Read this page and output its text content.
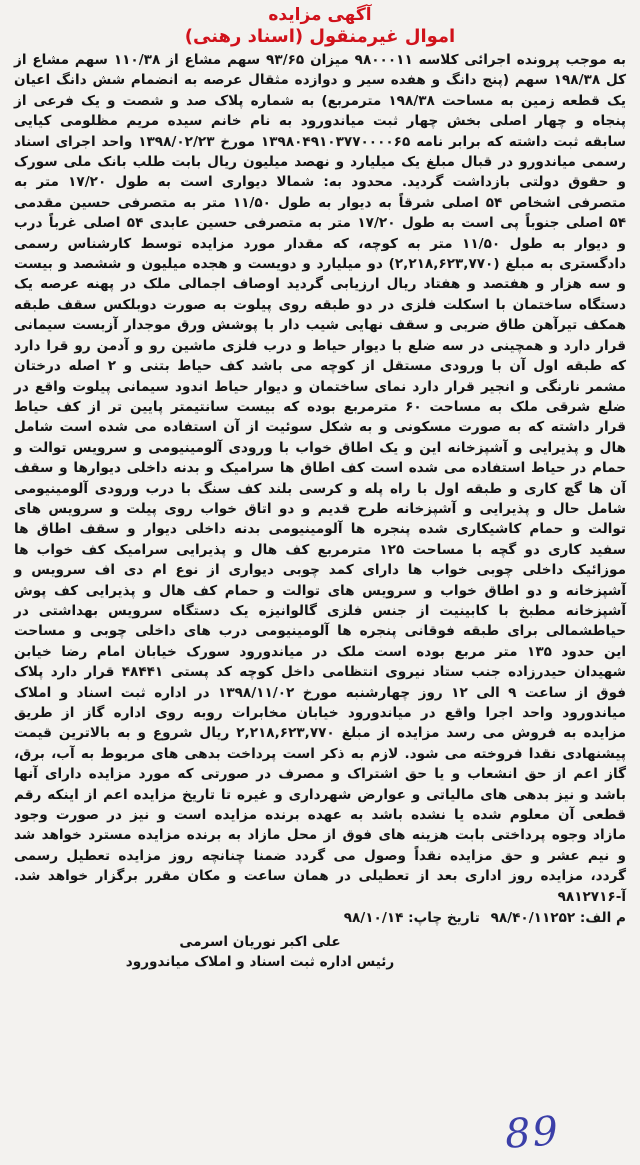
آگهی مزایده
اموال غیرمنقول (اسناد رهنی)

به موجب پرونده اجرائی کلاسه ۹۸۰۰۰۱۱ میزان ۹۳/۶۵ سهم مشاع از ۱۱۰/۳۸ سهم مشاع از کل ۱۹۸/۳۸ سهم (پنج دانگ و هفده سیر و دوازده مثقال عرصه به انضمام شش دانگ اعیان یک قطعه زمین به مساحت ۱۹۸/۳۸ مترمربع) به شماره پلاک صد و شصت و یک فرعی از پنجاه و چهار اصلی بخش چهار ثبت میاندورود به نام خانم سیده مریم مظلومی کیایی سابقه ثبت داشته که برابر نامه ۱۳۹۸۰۴۹۱۰۳۷۷۰۰۰۰۶۵ مورخ ۱۳۹۸/۰۲/۲۳ واحد اجرای اسناد رسمی میاندورو در قبال مبلغ یک میلیارد و نهصد میلیون ریال بابت طلب بانک ملی سورک و حقوق دولتی بازداشت گردید. محدود به: شمالا دیواری است به طول ۱۷/۲۰ متر به متصرفی اشخاص ۵۴ اصلی شرقاً به دیوار به طول ۱۱/۵۰ متر به متصرفی حسین مقدمی ۵۴ اصلی جنوباً پی است به طول ۱۷/۲۰ متر به متصرفی حسین عابدی ۵۴ اصلی غرباً درب و دیوار به طول ۱۱/۵۰ متر به کوچه، که مقدار مورد مزایده توسط کارشناس رسمی دادگستری به مبلغ (۲,۲۱۸,۶۲۳,۷۷۰) دو میلیارد و دویست و هجده میلیون و ششصد و بیست و سه هزار و هفتصد و هفتاد ریال ارزیابی گردید اوصاف اجمالی ملک در پهنه عرصه یک دستگاه ساختمان با اسکلت فلزی در دو طبقه روی پیلوت به صورت دوبلکس سقف طبقه همکف تیرآهن طاق ضربی و سقف نهایی شیب دار با پوشش ورق موجدار آزبست سیمانی قرار دارد و همچینی در سه ضلع با دیوار حیاط و درب فلزی ماشین رو و آدمن رو قرا دارد که طبقه اول آن با ورودی مستقل از کوچه می باشد کف حیاط بتنی و ۲ اصله درختان مشمر نارنگی و انجیر قرار دارد نمای ساختمان و دیوار حیاط اندود سیمانی پیلوت واقع در ضلع شرقی ملک به مساحت ۶۰ مترمربع بوده که بیست سانتیمتر پایین تر از کف حیاط قرار داشته که به صورت مسکونی و به شکل سوئیت از آن استفاده می شده است شامل هال و پذیرایی و آشپزخانه این و یک اطاق خواب با ورودی آلومینیومی و سرویس توالت و حمام در حیاط استفاده می شده است کف اطاق ها سرامیک و بدنه داخلی دیوارها و سقف آن ها گچ کاری و طبقه اول با راه پله و کرسی بلند کف سنگ با درب ورودی آلومینیومی شامل حال و پذیرایی و آشپزخانه طرح قدیم و دو اتاق خواب روی پیلت و سرویس های توالت و حمام کاشیکاری شده پنجره ها آلومینیومی بدنه داخلی دیوار و سقف اطاق ها سفید کاری دو گچه با مساحت ۱۲۵ مترمربع کف هال و پذیرایی سرامیک کف خواب ها موزائیک داخلی چوبی خواب ها دارای کمد چوبی دیواری از نوع ام دی اف سرویس و آشپزخانه و دو اطاق خواب و سرویس های توالت و حمام کف هال و پذیرایی کف پوش آشپزخانه مطبخ با کابینیت از جنس فلزی گالوانیزه یک دستگاه سرویس بهداشتی در حیاطشمالی برای طبقه فوقانی پنجره ها آلومینیومی درب های داخلی چوبی و مساحت این حدود ۱۳۵ متر مربع بوده است ملک در میاندورود سورک خیابان امام رضا خیابن شهیدان حیدرزاده جنب ستاد نیروی انتظامی داخل کوچه کد پستی ۴۸۴۴۱ قرار دارد پلاک فوق از ساعت ۹ الی ۱۲ روز چهارشنبه مورخ ۱۳۹۸/۱۱/۰۲ در اداره ثبت اسناد و املاک میاندورود واحد اجرا واقع در میاندورود خیابان مخابرات روبه روی اداره گاز از طریق مزایده به فروش می رسد مزایده از مبلغ ۲,۲۱۸,۶۲۳,۷۷۰ ریال شروع و به بالاترین قیمت پیشنهادی نقدا فروخته می شود. لازم به ذکر است پرداخت بدهی های مربوط به آب، برق، گاز اعم از حق انشعاب و یا حق اشتراک و مصرف در صورتی که مورد مزایده دارای آنها باشد و نیز بدهی های مالیاتی و عوارض شهرداری و غیره تا تاریخ مزایده اعم از اینکه رقم قطعی آن معلوم شده یا نشده باشد به عهده برنده مزایده است و نیز در صورت وجود مازاد وجوه پرداختی بابت هزینه های فوق از محل مازاد به برنده مزایده مسترد خواهد شد و نیم عشر و حق مزایده نقداً وصول می گردد ضمنا چنانچه روز مزایده تعطیل رسمی گردد، مزایده روز اداری بعد از تعطیلی در همان ساعت و مکان مقرر برگزار خواهد شد. آ-۹۸۱۲۷۱۶

م الف: ۹۸/۴۰/۱۱۲۵۲ تاریخ چاپ: ۹۸/۱۰/۱۴
علی اکبر نوریان اسرمی
رئیس اداره ثبت اسناد و املاک میاندورود
89
